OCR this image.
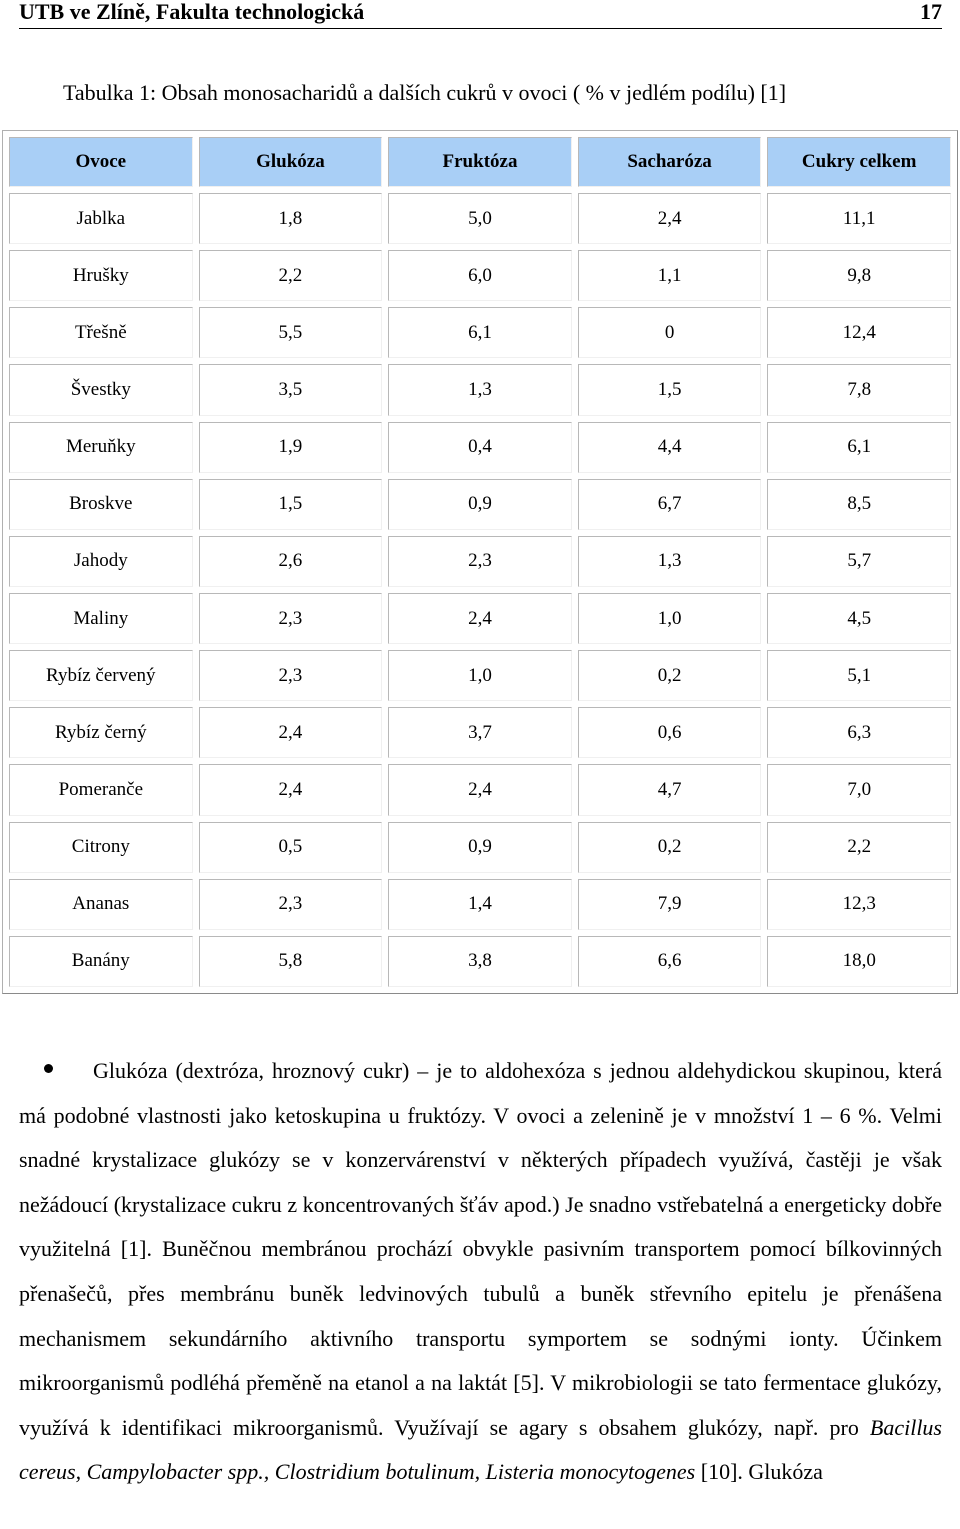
UTB ve Zlíně, Fakulta technologická	17
Tabulka 1: Obsah monosacharidů a dalších cukrů v ovoci ( % v jedlém podílu) [1]
Ovoce	Glukóza	Fruktóza	Sacharóza	Cukry celkem
Jablka	1,8	5,0	2,4	11,1
Hrušky	2,2	6,0	1,1	9,8
Třešně	5,5	6,1	0	12,4
Švestky	3,5	1,3	1,5	7,8
Meruňky	1,9	0,4	4,4	6,1
Broskve	1,5	0,9	6,7	8,5
Jahody	2,6	2,3	1,3	5,7
Maliny	2,3	2,4	1,0	4,5
Rybíz červený	2,3	1,0	0,2	5,1
Rybíz černý	2,4	3,7	0,6	6,3
Pomeranče	2,4	2,4	4,7	7,0
Citrony	0,5	0,9	0,2	2,2
Ananas	2,3	1,4	7,9	12,3
Banány	5,8	3,8	6,6	18,0
Glukóza (dextróza, hroznový cukr) – je to aldohexóza s jednou aldehydickou skupinou, která má podobné vlastnosti jako ketoskupina u fruktózy. V ovoci a zelenině je v množství 1 – 6 %. Velmi snadné krystalizace glukózy se v konzervárenství v některých případech využívá, častěji je však nežádoucí (krystalizace cukru z koncentrovaných šťáv apod.) Je snadno vstřebatelná a energeticky dobře využitelná [1]. Buněčnou membránou prochází obvykle pasivním transportem pomocí bílkovinných přenašečů, přes membránu buněk ledvinových tubulů a buněk střevního epitelu je přenášena mechanismem sekundárního aktivního transportu symportem se sodnými ionty. Účinkem mikroorganismů podléhá přeměně na etanol a na laktát [5]. V mikrobiologii se tato fermentace glukózy, využívá k identifikaci mikroorganismů. Využívají se agary s obsahem glukózy, např. pro Bacillus cereus, Campylobacter spp., Clostridium botulinum, Listeria monocytogenes [10]. Glukóza
